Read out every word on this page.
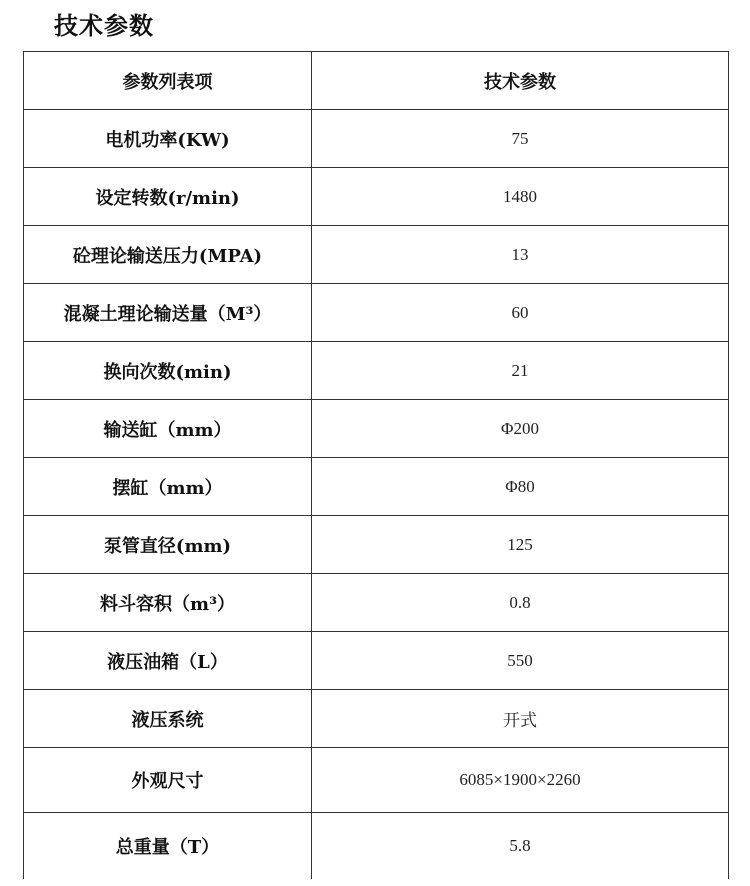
技术参数
参数列表项	技术参数
电机功率(KW)	75
设定转数(r/min)	1480
砼理论输送压力(MPA)	13
混凝土理论输送量（M³）	60
换向次数(min)	21
输送缸（mm）	Φ200
摆缸（mm）	Φ80
泵管直径(mm)	125
料斗容积（m³）	0.8
液压油箱（L）	550
液压系统	开式
外观尺寸	6085×1900×2260
总重量（T）	5.8
